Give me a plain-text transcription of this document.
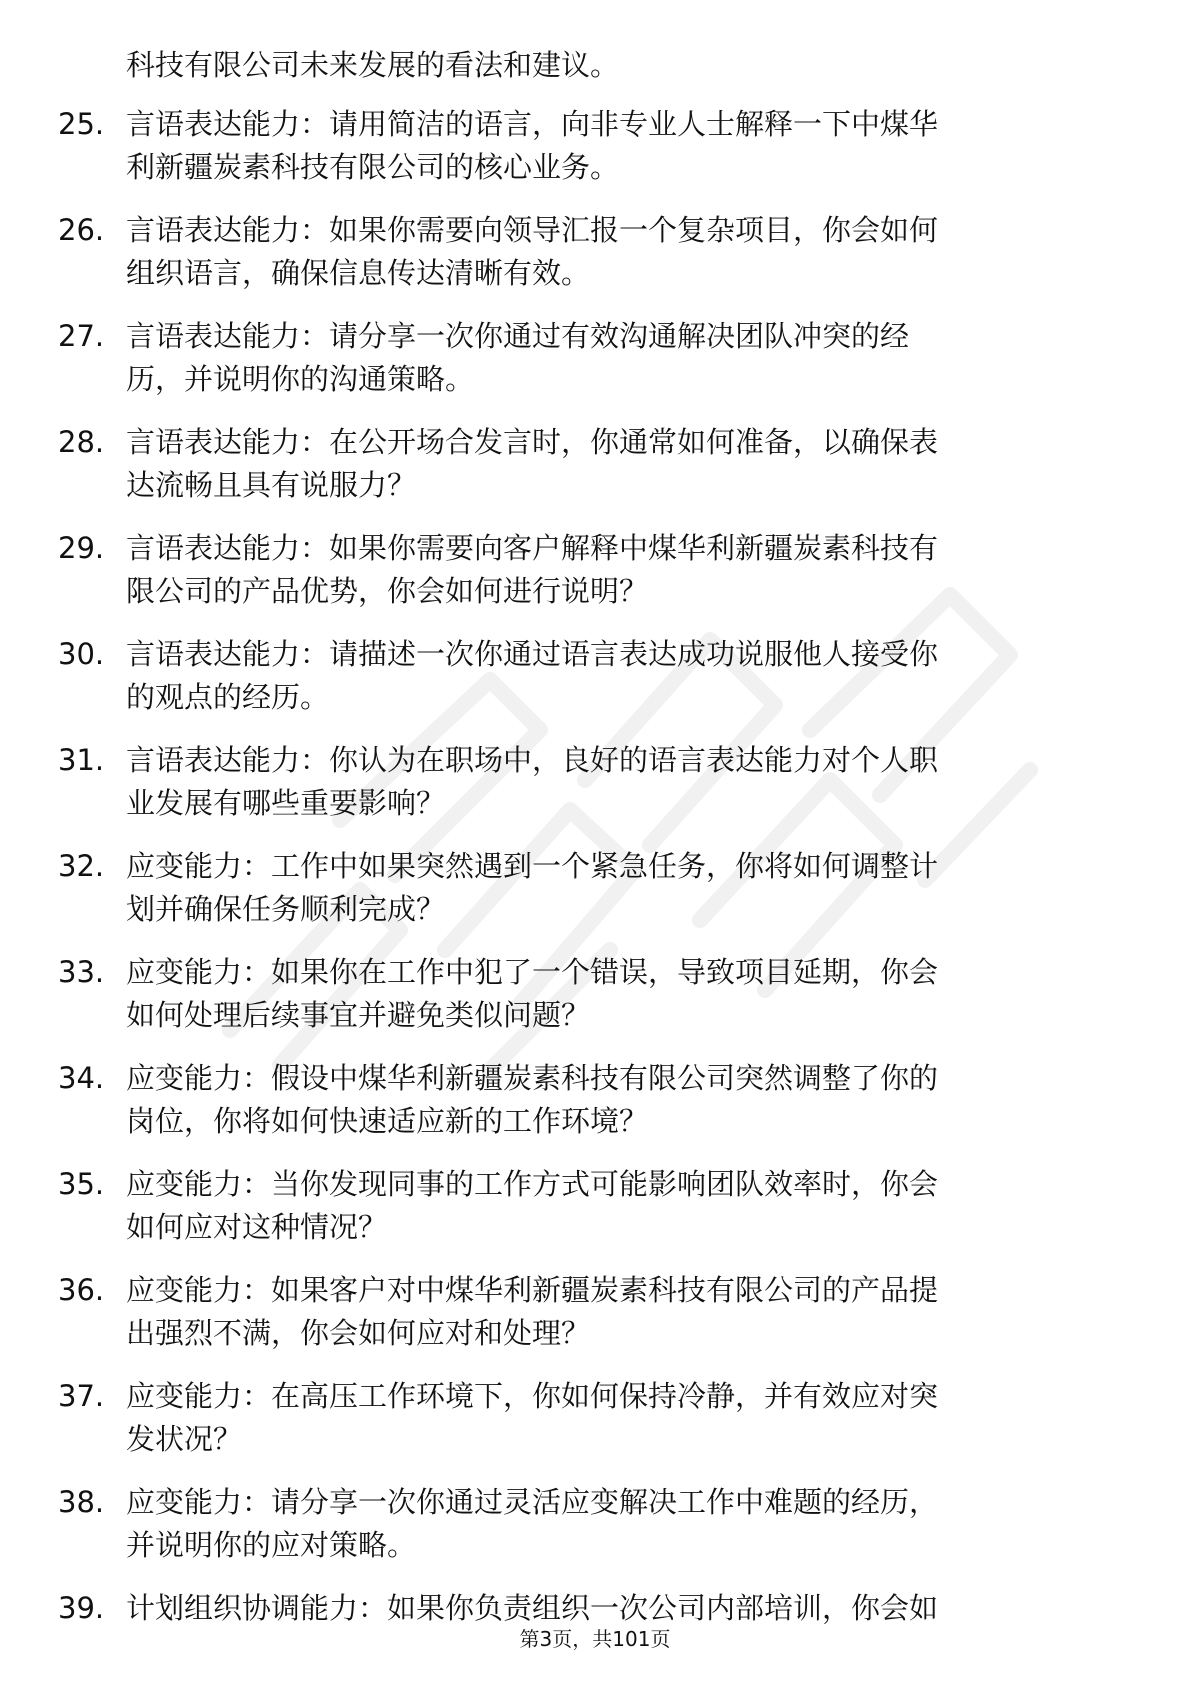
科技有限公司未来发展的看法和建议。
25. 言语表达能力：请用简洁的语言，向非专业人士解释一下中煤华
利新疆炭素科技有限公司的核心业务。
26. 言语表达能力：如果你需要向领导汇报一个复杂项目，你会如何
组织语言，确保信息传达清晰有效。
27. 言语表达能力：请分享一次你通过有效沟通解决团队冲突的经
历，并说明你的沟通策略。
28. 言语表达能力：在公开场合发言时，你通常如何准备，以确保表
达流畅且具有说服力？
29. 言语表达能力：如果你需要向客户解释中煤华利新疆炭素科技有
限公司的产品优势，你会如何进行说明？
30. 言语表达能力：请描述一次你通过语言表达成功说服他人接受你
的观点的经历。
31. 言语表达能力：你认为在职场中，良好的语言表达能力对个人职
业发展有哪些重要影响？
32. 应变能力：工作中如果突然遇到一个紧急任务，你将如何调整计
划并确保任务顺利完成？
33. 应变能力：如果你在工作中犯了一个错误，导致项目延期，你会
如何处理后续事宜并避免类似问题？
34. 应变能力：假设中煤华利新疆炭素科技有限公司突然调整了你的
岗位，你将如何快速适应新的工作环境？
35. 应变能力：当你发现同事的工作方式可能影响团队效率时，你会
如何应对这种情况？
36. 应变能力：如果客户对中煤华利新疆炭素科技有限公司的产品提
出强烈不满，你会如何应对和处理？
37. 应变能力：在高压工作环境下，你如何保持冷静，并有效应对突
发状况？
38. 应变能力：请分享一次你通过灵活应变解决工作中难题的经历，
并说明你的应对策略。
39. 计划组织协调能力：如果你负责组织一次公司内部培训，你会如
第3页，共101页
